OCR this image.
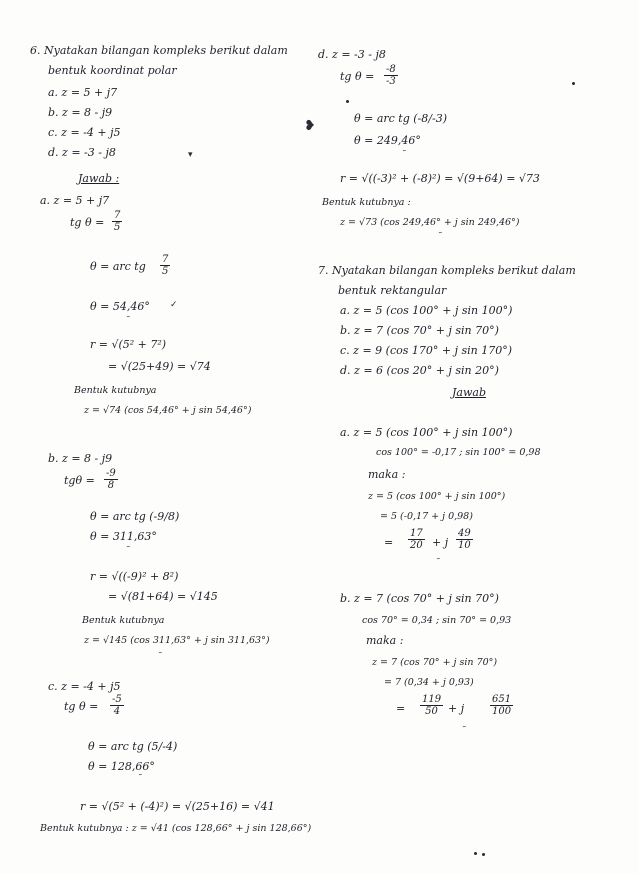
6. Nyatakan bilangan kompleks berikut dalam

bentuk koordinat polar

a. z = 5 + j7

b. z = 8 - j9

c. z = -4 + j5

d. z = -3 - j8	▾

Jawab :

a. z = 5 + j7

tg $\theta = \frac{7}{5}$

θ = arc tg $\frac{7}{5}$

θ = 54,46° ✓
˜

r = √(5² + 7²)

= √(25+49) = √74

Bentuk kutubnya

z = √74 (cos 54,46° + j sin 54,46°)

b. z = 8 - j9

$tg\theta = \frac{-9}{8}$

θ = arc tg (-9/8)

θ = 311,63°

˜

r = √((-9)² + 8²)

= √(81+64) = √145

Bentuk kutubnya

z = √145 (cos 311,63° + j sin 311,63°)

˜

c. z = -4 + j5

tg $\theta = \frac{-5}{4}$

θ = arc tg (5/-4)

θ = 128,66°

˜

r = √(5² + (-4)²) = √(25+16) = √41

Bentuk kutubnya : z = √41 (cos 128,66° + j sin 128,66°)

d. z = -3 - j8

tg $\theta = \frac{-8}{-3}$
❥	θ = arc tg (-8/-3)

θ = 249,46°

˜

r = √((-3)² + (-8)²) = √(9+64) = √73

Bentuk kutubnya :

z = √73 (cos 249,46° + j sin 249,46°)

˜

7. Nyatakan bilangan kompleks berikut dalam

bentuk rektangular

a. z = 5 (cos 100° + j sin 100°)

b. z = 7 (cos 70° + j sin 70°)

c. z = 9 (cos 170° + j sin 170°)

d. z = 6 (cos 20° + j sin 20°)

Jawab

a. z = 5 (cos 100° + j sin 100°)

cos 100° = -0,17 ; sin 100° = 0,98

maka :

z = 5 (cos 100° + j sin 100°)

= 5 (-0,17 + j 0,98)

= $\frac{17}{20} + j \frac{49}{10}$
˜

b. z = 7 (cos 70° + j sin 70°)

cos 70° = 0,34 ; sin 70° = 0,93

maka :

z = 7 (cos 70° + j sin 70°)

= 7 (0,34 + j 0,93)

= $\frac{119}{50} + j$	$\frac{651}{100}$
˜
